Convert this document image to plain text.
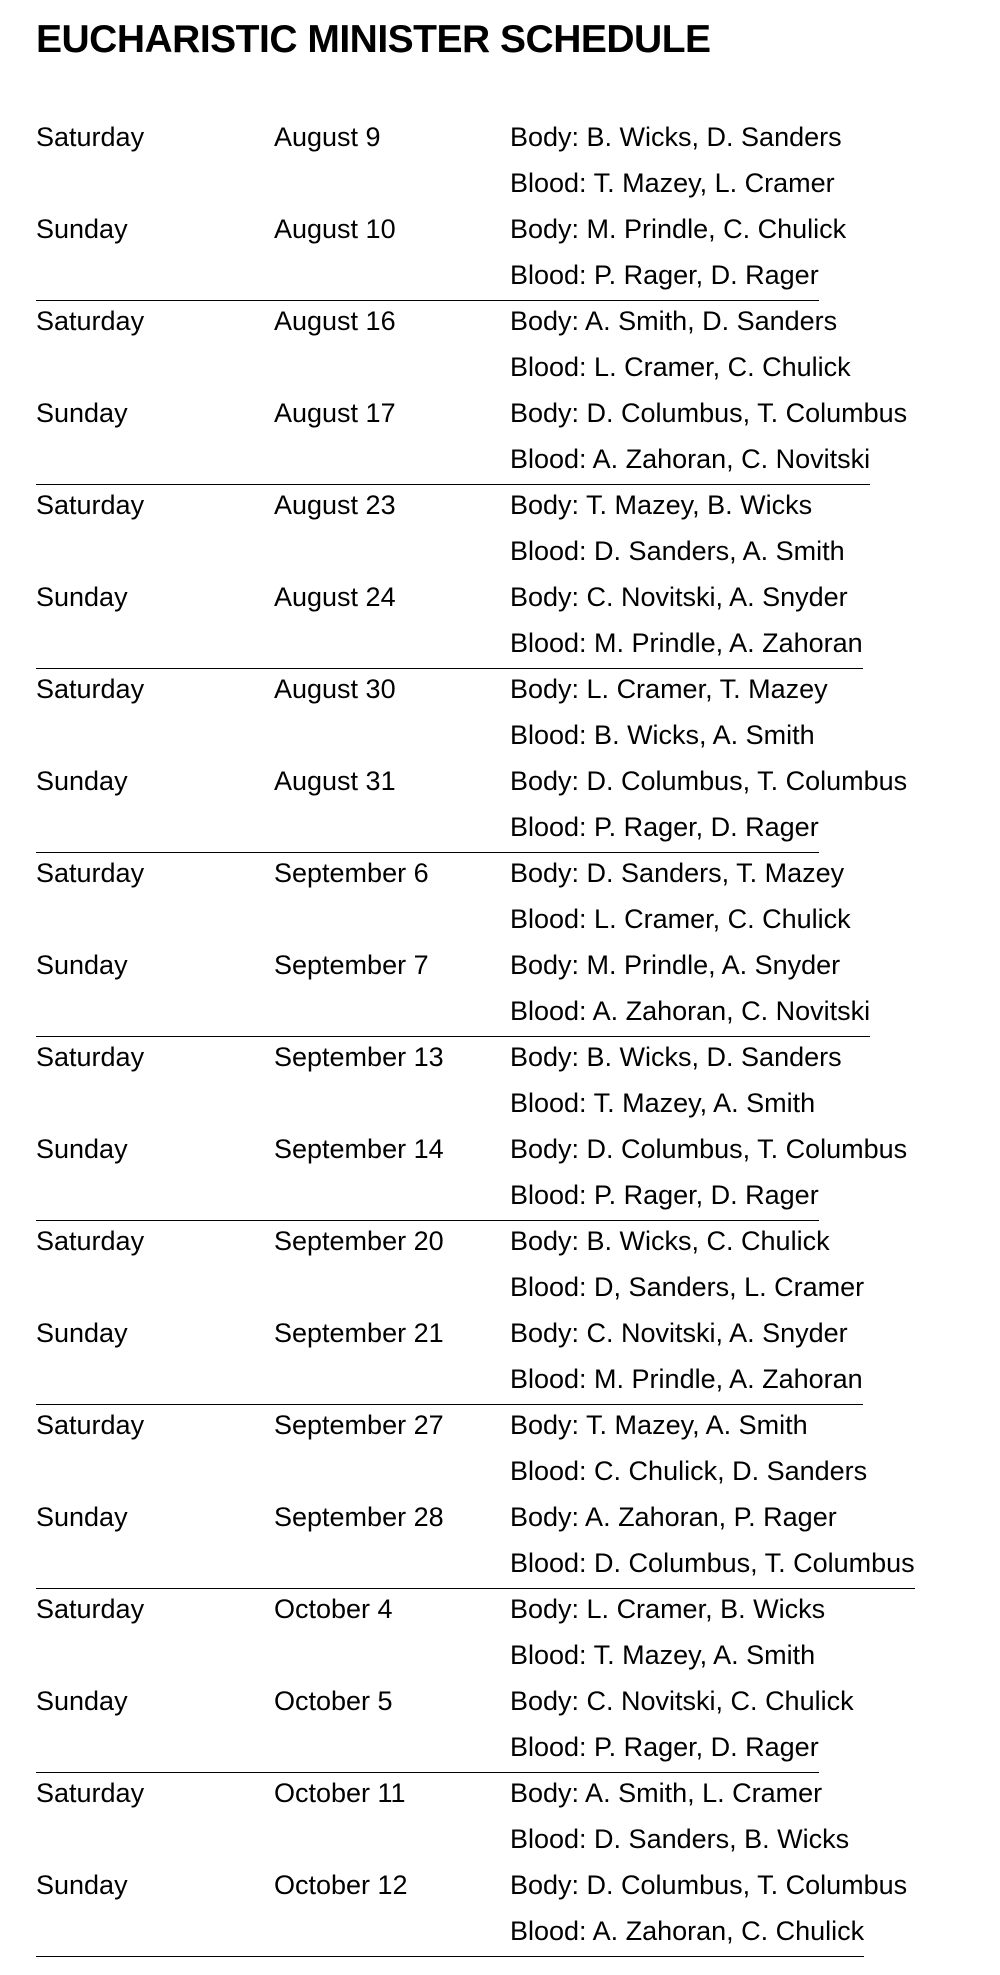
EUCHARISTIC MINISTER SCHEDULE
Saturday	August 9	Body: B. Wicks, D. Sanders
Blood: T. Mazey, L. Cramer
Sunday	August 10	Body: M. Prindle, C. Chulick
Blood: P. Rager, D. Rager
Saturday	August 16	Body: A. Smith, D. Sanders
Blood: L. Cramer, C. Chulick
Sunday	August 17	Body: D. Columbus, T. Columbus
Blood: A. Zahoran, C. Novitski
Saturday	August 23	Body: T. Mazey, B. Wicks
Blood: D. Sanders, A. Smith
Sunday	August 24	Body: C. Novitski, A. Snyder
Blood: M. Prindle, A. Zahoran
Saturday	August 30	Body: L. Cramer, T. Mazey
Blood: B. Wicks, A. Smith
Sunday	August 31	Body: D. Columbus, T. Columbus
Blood: P. Rager, D. Rager
Saturday	September 6	Body: D. Sanders, T. Mazey
Blood: L. Cramer, C. Chulick
Sunday	September 7	Body: M. Prindle, A. Snyder
Blood: A. Zahoran, C. Novitski
Saturday	September 13 Body: B. Wicks, D. Sanders
Blood: T. Mazey, A. Smith
Sunday	September 14 Body: D. Columbus, T. Columbus
Blood: P. Rager, D. Rager
Saturday	September 20 Body: B. Wicks, C. Chulick
Blood: D, Sanders, L. Cramer
Sunday	September 21 Body: C. Novitski, A. Snyder
Blood: M. Prindle, A. Zahoran
Saturday	September 27 Body: T. Mazey, A. Smith
Blood: C. Chulick, D. Sanders
Sunday	September 28 Body: A. Zahoran, P. Rager
Blood: D. Columbus, T. Columbus
Saturday	October 4	Body: L. Cramer, B. Wicks
Blood: T. Mazey, A. Smith
Sunday	October 5	Body: C. Novitski, C. Chulick
Blood: P. Rager, D. Rager
Saturday	October 11	Body: A. Smith, L. Cramer
Blood: D. Sanders, B. Wicks
Sunday	October 12	Body: D. Columbus, T. Columbus
Blood: A. Zahoran, C. Chulick
